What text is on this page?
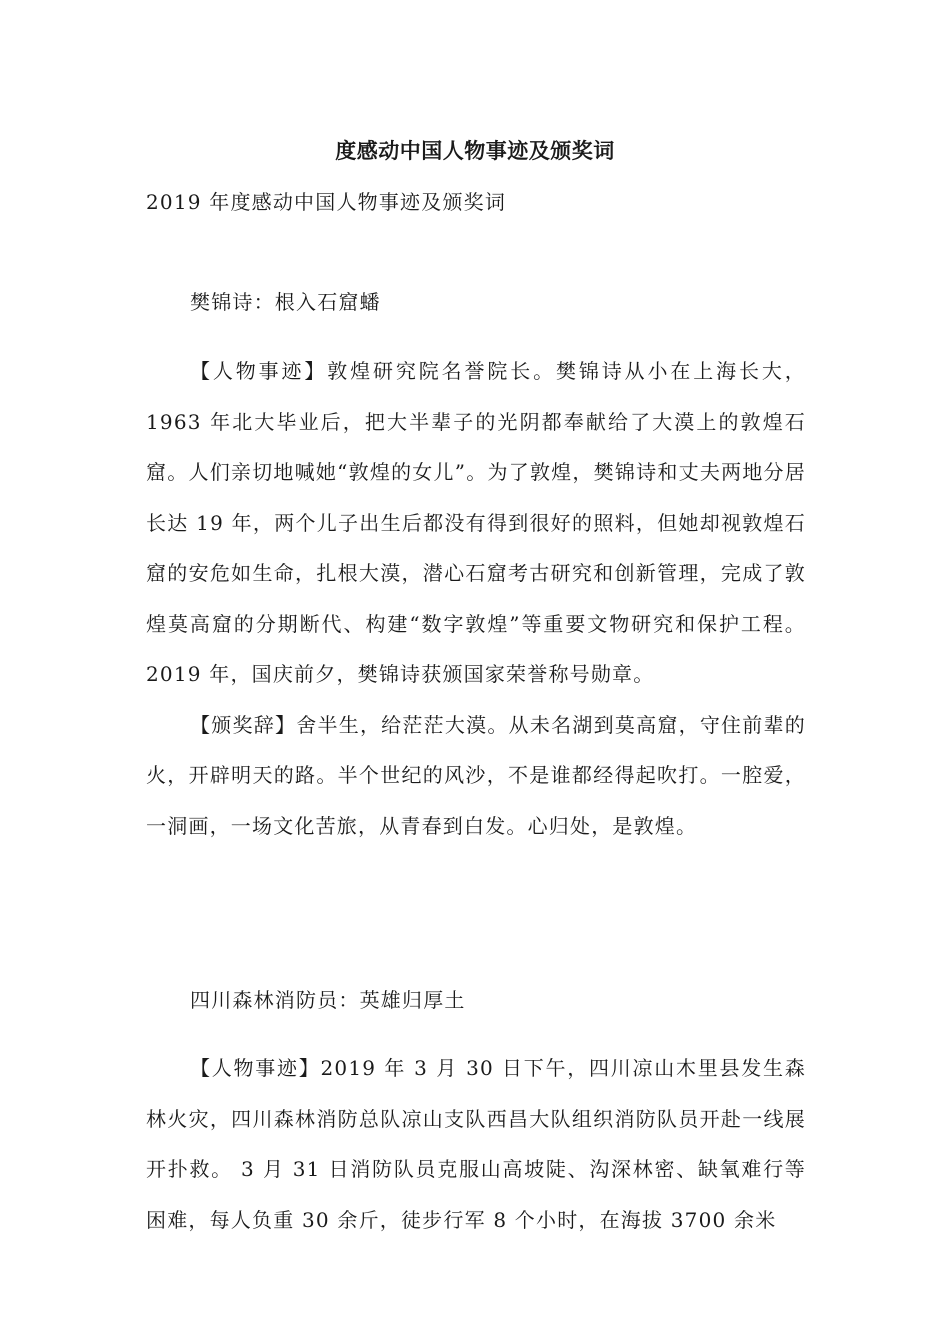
度感动中国人物事迹及颁奖词
2019 年度感动中国人物事迹及颁奖词

樊锦诗：根入石窟蟠

【人物事迹】敦煌研究院名誉院长。樊锦诗从小在上海长大，1963 年北大毕业后，把大半辈子的光阴都奉献给了大漠上的敦煌石窟。人们亲切地喊她“敦煌的女儿”。为了敦煌，樊锦诗和丈夫两地分居长达 19 年，两个儿子出生后都没有得到很好的照料，但她却视敦煌石窟的安危如生命，扎根大漠，潜心石窟考古研究和创新管理，完成了敦煌莫高窟的分期断代、构建“数字敦煌”等重要文物研究和保护工程。 2019 年，国庆前夕，樊锦诗获颁国家荣誉称号勋章。

【颁奖辞】舍半生，给茫茫大漠。从未名湖到莫高窟，守住前辈的火，开辟明天的路。半个世纪的风沙，不是谁都经得起吹打。一腔爱，一洞画，一场文化苦旅，从青春到白发。心归处，是敦煌。

四川森林消防员：英雄归厚土

【人物事迹】2019 年 3 月 30 日下午，四川凉山木里县发生森林火灾，四川森林消防总队凉山支队西昌大队组织消防队员开赴一线展开扑救。 3 月 31 日消防队员克服山高坡陡、沟深林密、缺氧难行等困难，每人负重 30 余斤，徒步行军 8 个小时，在海拔 3700 余米
